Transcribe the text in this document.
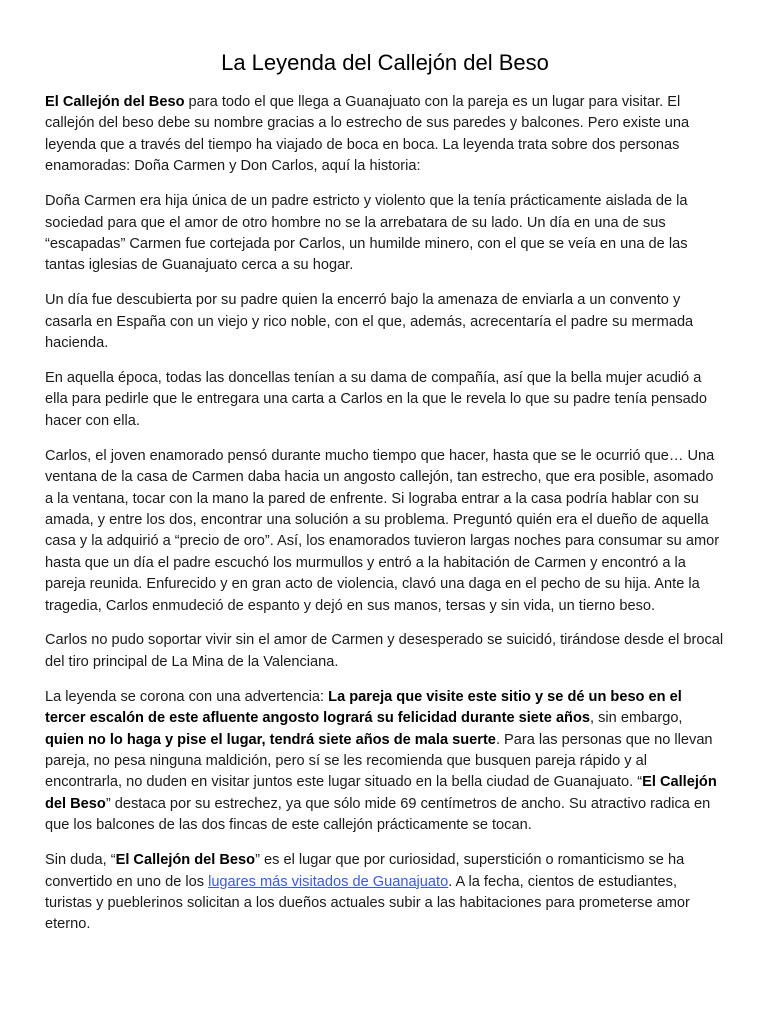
La Leyenda del Callejón del Beso

El Callejón del Beso para todo el que llega a Guanajuato con la pareja es un lugar para visitar. El callejón del beso debe su nombre gracias a lo estrecho de sus paredes y balcones. Pero existe una leyenda que a través del tiempo ha viajado de boca en boca. La leyenda trata sobre dos personas enamoradas: Doña Carmen y Don Carlos, aquí la historia:

Doña Carmen era hija única de un padre estricto y violento que la tenía prácticamente aislada de la sociedad para que el amor de otro hombre no se la arrebatara de su lado. Un día en una de sus “escapadas” Carmen fue cortejada por Carlos, un humilde minero, con el que se veía en una de las tantas iglesias de Guanajuato cerca a su hogar.

Un día fue descubierta por su padre quien la encerró bajo la amenaza de enviarla a un convento y casarla en España con un viejo y rico noble, con el que, además, acrecentaría el padre su mermada hacienda.

En aquella época, todas las doncellas tenían a su dama de compañía, así que la bella mujer acudió a ella para pedirle que le entregara una carta a Carlos en la que le revela lo que su padre tenía pensado hacer con ella.

Carlos, el joven enamorado pensó durante mucho tiempo que hacer, hasta que se le ocurrió que… Una ventana de la casa de Carmen daba hacia un angosto callejón, tan estrecho, que era posible, asomado a la ventana, tocar con la mano la pared de enfrente. Si lograba entrar a la casa podría hablar con su amada, y entre los dos, encontrar una solución a su problema. Preguntó quién era el dueño de aquella casa y la adquirió a “precio de oro”. Así, los enamorados tuvieron largas noches para consumar su amor hasta que un día el padre escuchó los murmullos y entró a la habitación de Carmen y encontró a la pareja reunida. Enfurecido y en gran acto de violencia, clavó una daga en el pecho de su hija. Ante la tragedia, Carlos enmudeció de espanto y dejó en sus manos, tersas y sin vida, un tierno beso.

Carlos no pudo soportar vivir sin el amor de Carmen y desesperado se suicidó, tirándose desde el brocal del tiro principal de La Mina de la Valenciana.

La leyenda se corona con una advertencia: La pareja que visite este sitio y se dé un beso en el tercer escalón de este afluente angosto logrará su felicidad durante siete años, sin embargo, quien no lo haga y pise el lugar, tendrá siete años de mala suerte. Para las personas que no llevan pareja, no pesa ninguna maldición, pero sí se les recomienda que busquen pareja rápido y al encontrarla, no duden en visitar juntos este lugar situado en la bella ciudad de Guanajuato. “El Callejón del Beso” destaca por su estrechez, ya que sólo mide 69 centímetros de ancho. Su atractivo radica en que los balcones de las dos fincas de este callejón prácticamente se tocan.

Sin duda, “El Callejón del Beso” es el lugar que por curiosidad, superstición o romanticismo se ha convertido en uno de los lugares más visitados de Guanajuato. A la fecha, cientos de estudiantes, turistas y pueblerinos solicitan a los dueños actuales subir a las habitaciones para prometerse amor eterno.
